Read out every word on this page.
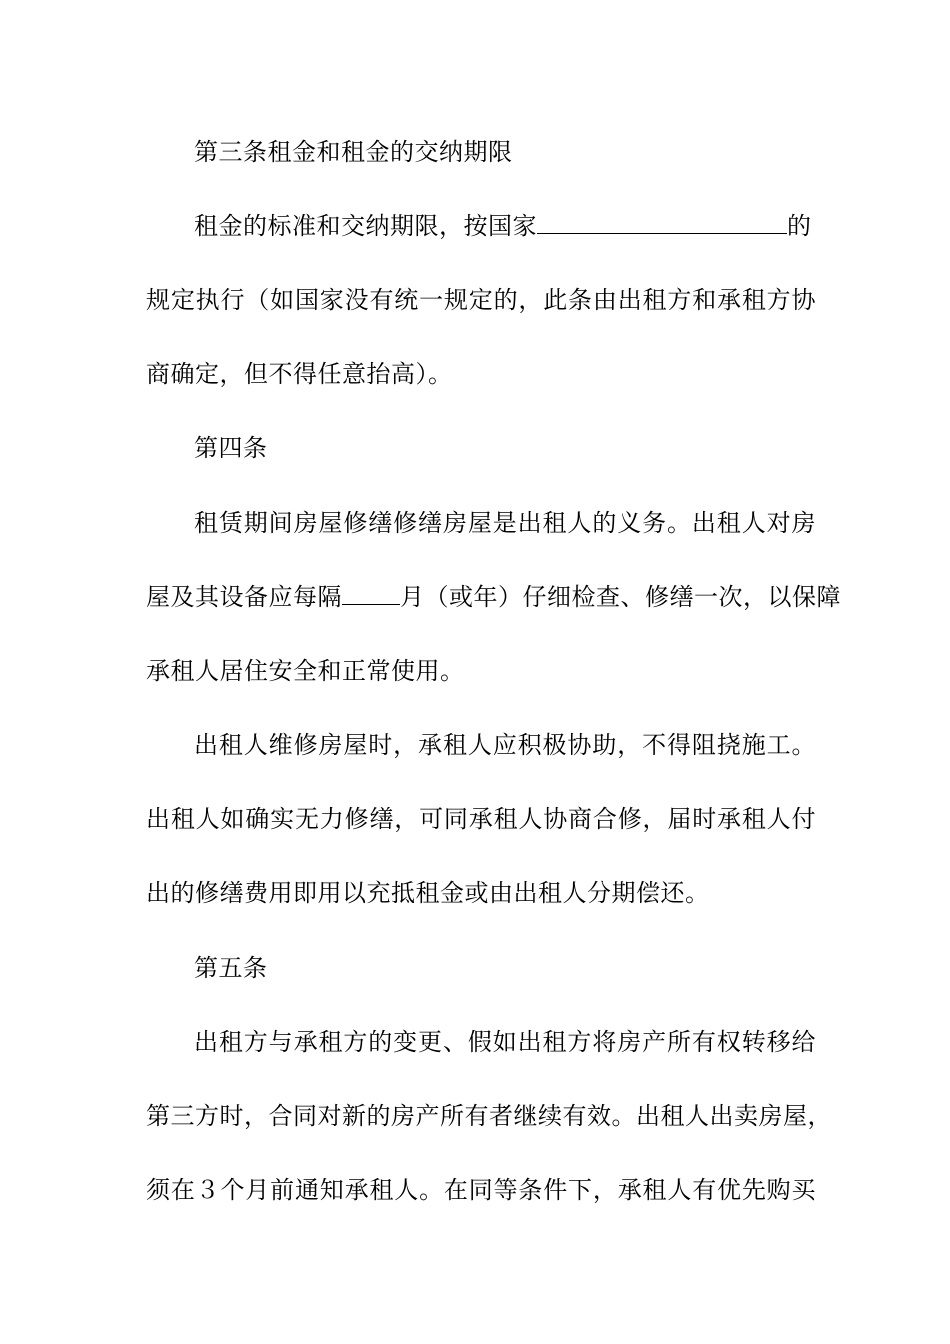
第三条租金和租金的交纳期限
租金的标准和交纳期限，按国家	的
规定执行（如国家没有统一规定的，此条由出租方和承租方协
商确定，但不得任意抬高）。
第四条
租赁期间房屋修缮修缮房屋是出租人的义务。出租人对房
屋及其设备应每隔 月（或年）仔细检查、修缮一次，以保障
承租人居住安全和正常使用。
出租人维修房屋时，承租人应积极协助，不得阻挠施工。
出租人如确实无力修缮，可同承租人协商合修，届时承租人付
出的修缮费用即用以充抵租金或由出租人分期偿还。
第五条
出租方与承租方的变更、假如出租方将房产所有权转移给
第三方时，合同对新的房产所有者继续有效。出租人出卖房屋，
须在３个月前通知承租人。在同等条件下，承租人有优先购买
